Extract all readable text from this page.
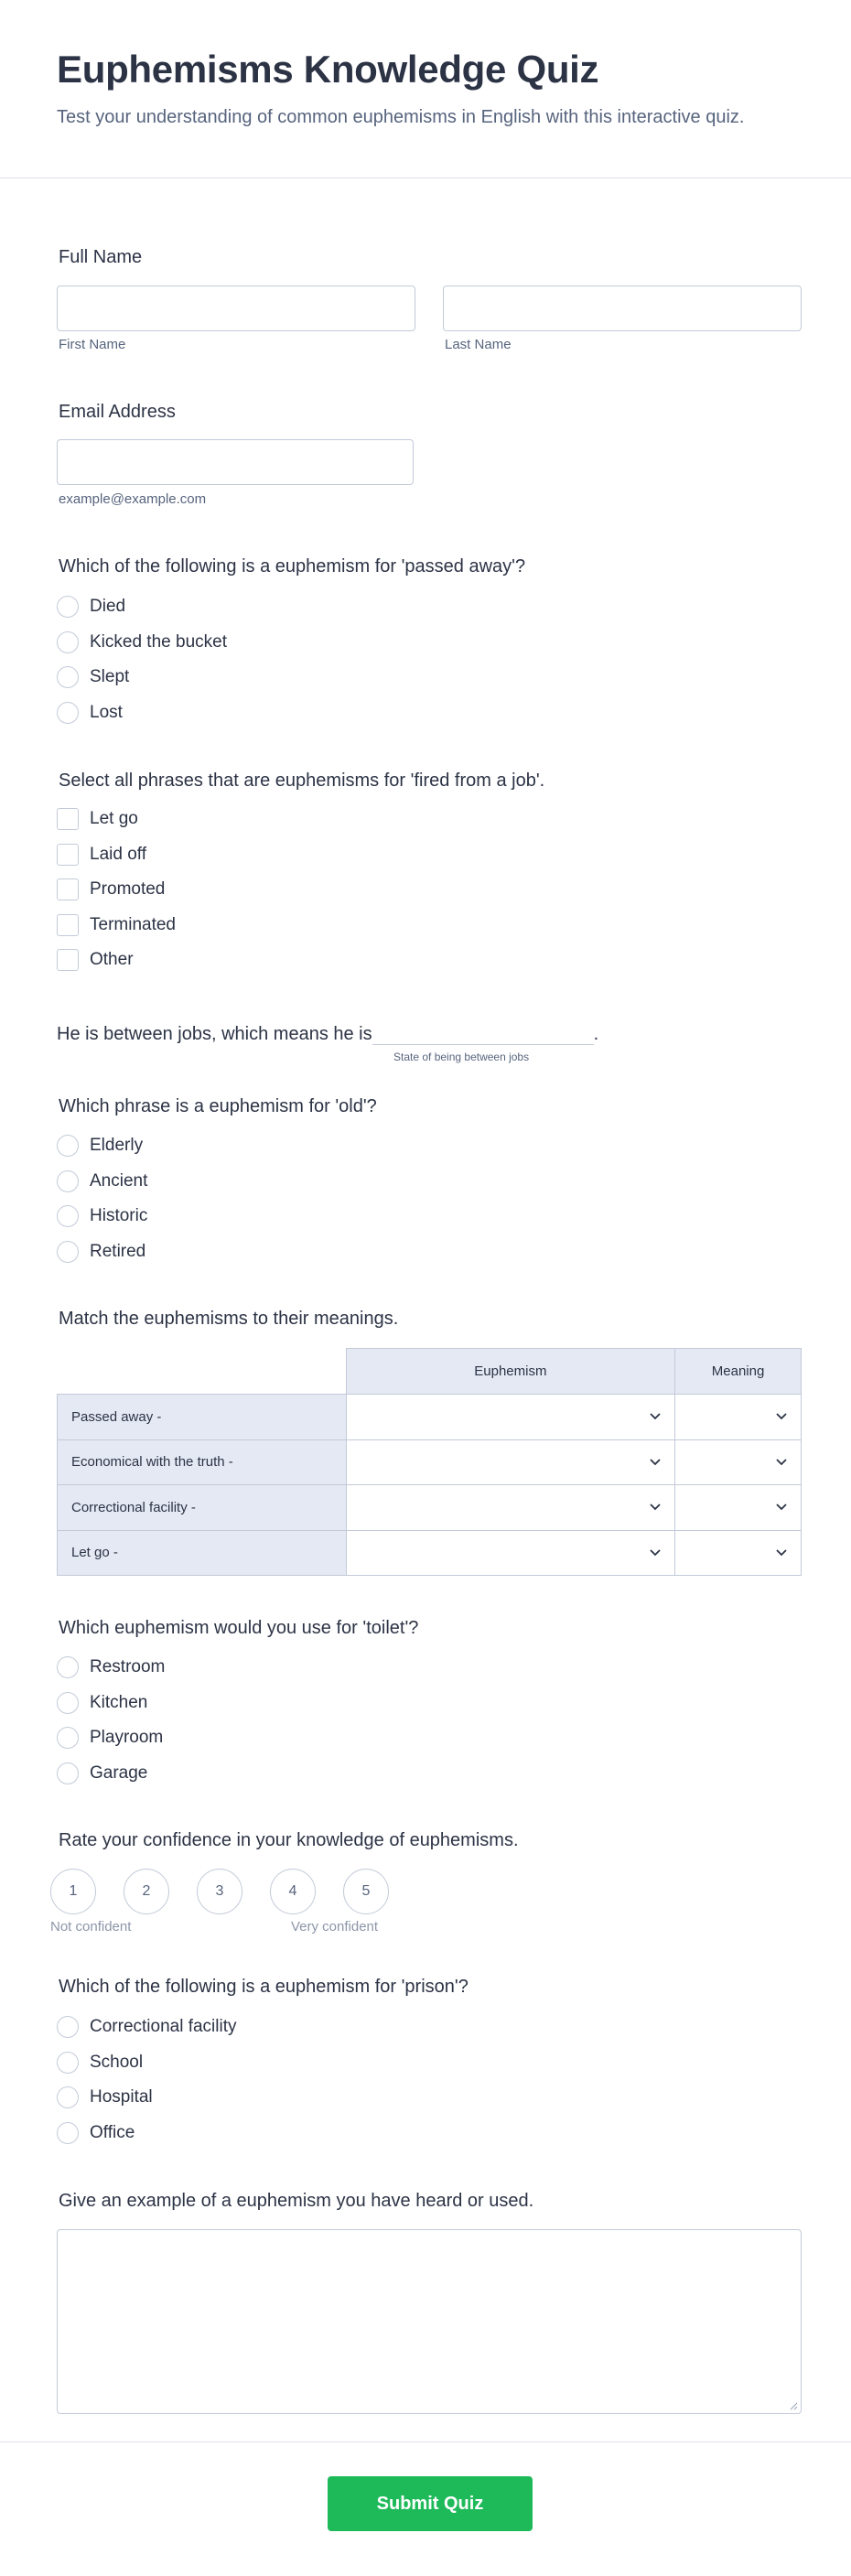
Euphemisms Knowledge Quiz

Test your understanding of common euphemisms in English with this interactive quiz.

Full Name
First Name	Last Name
Email Address
example@example.com
Which of the following is a euphemism for 'passed away'?
Died
Kicked the bucket
Slept
Lost
Select all phrases that are euphemisms for 'fired from a job'.
Let go
Laid off
Promoted
Terminated
Other
He is between jobs, which means he is	.
State of being between jobs
Which phrase is a euphemism for 'old'?
Elderly
Ancient
Historic
Retired
Match the euphemisms to their meanings.
	Euphemism	Meaning
Passed away -	

Economical with the truth -	

Correctional facility -	

Let go -	

Which euphemism would you use for 'toilet'?
Restroom
Kitchen
Playroom
Garage
Rate your confidence in your knowledge of euphemisms.
1	2	3	4	5
Not confident	Very confident
Which of the following is a euphemism for 'prison'?
Correctional facility
School
Hospital
Office
Give an example of a euphemism you have heard or used.
Submit Quiz
